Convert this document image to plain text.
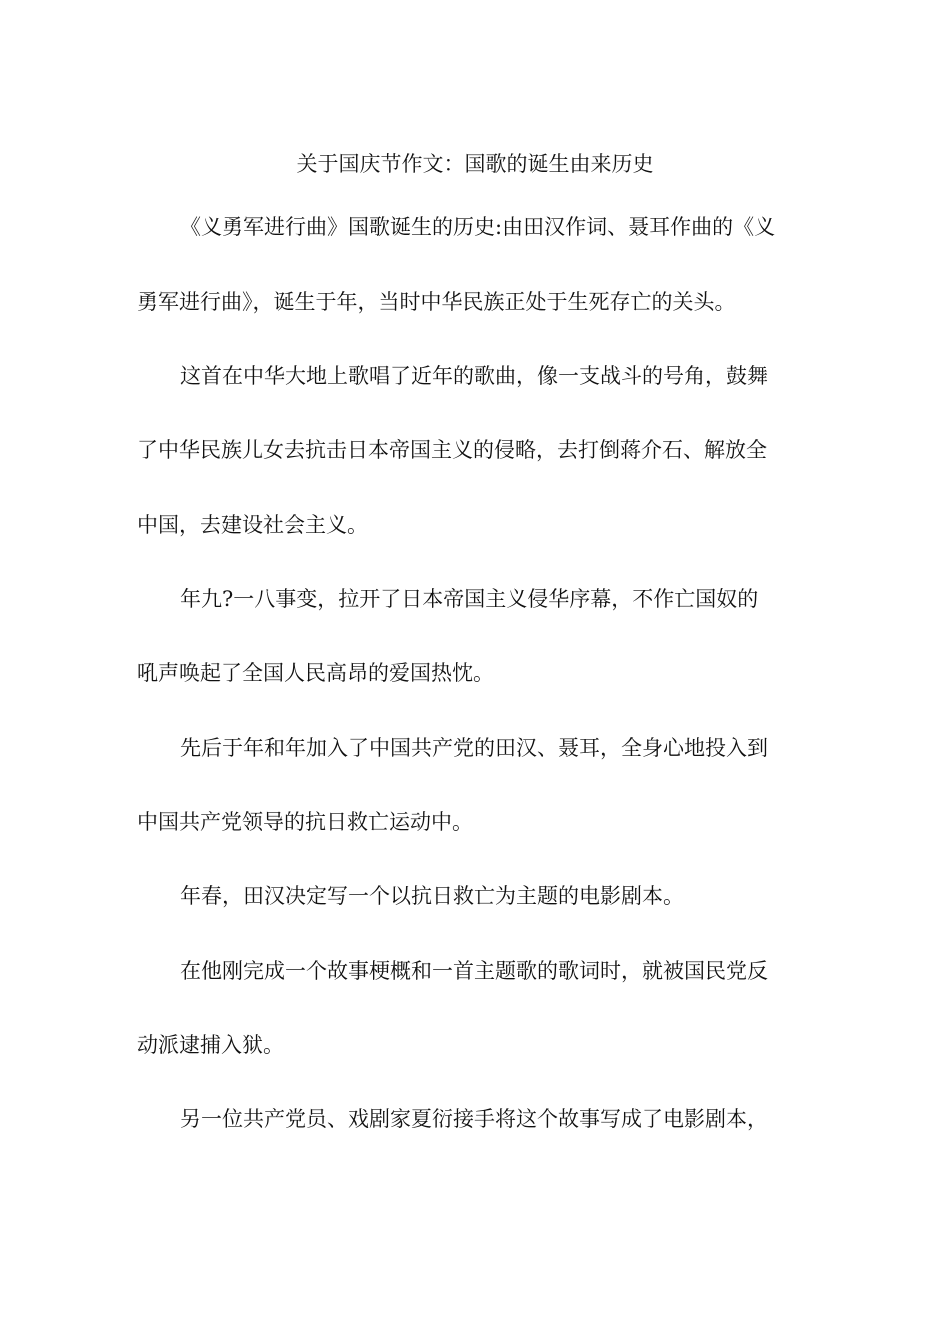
关于国庆节作文：国歌的诞生由来历史
《义勇军进行曲》国歌诞生的历史:由田汉作词、聂耳作曲的《义
勇军进行曲》，诞生于年，当时中华民族正处于生死存亡的关头。
这首在中华大地上歌唱了近年的歌曲，像一支战斗的号角，鼓舞
了中华民族儿女去抗击日本帝国主义的侵略，去打倒蒋介石、解放全
中国，去建设社会主义。
年九?一八事变，拉开了日本帝国主义侵华序幕，不作亡国奴的
吼声唤起了全国人民高昂的爱国热忱。
先后于年和年加入了中国共产党的田汉、聂耳，全身心地投入到
中国共产党领导的抗日救亡运动中。
年春，田汉决定写一个以抗日救亡为主题的电影剧本。
在他刚完成一个故事梗概和一首主题歌的歌词时，就被国民党反
动派逮捕入狱。
另一位共产党员、戏剧家夏衍接手将这个故事写成了电影剧本，
